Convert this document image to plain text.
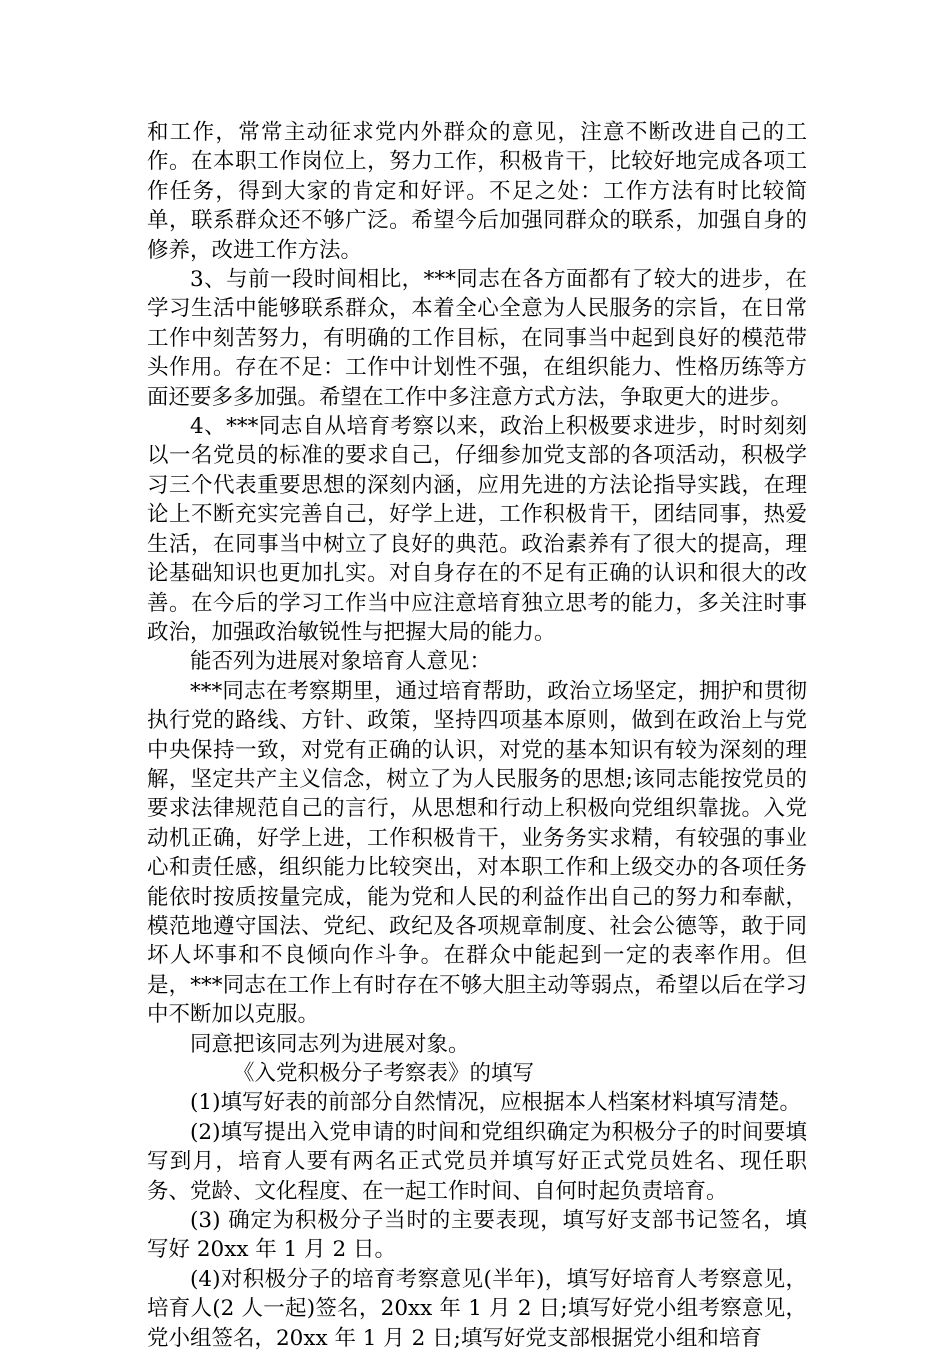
和工作，常常主动征求党内外群众的意见，注意不断改进自己的工作。在本职工作岗位上，努力工作，积极肯干，比较好地完成各项工作任务，得到大家的肯定和好评。不足之处：工作方法有时比较简单，联系群众还不够广泛。希望今后加强同群众的联系，加强自身的修养，改进工作方法。

3、与前一段时间相比，***同志在各方面都有了较大的进步，在学习生活中能够联系群众，本着全心全意为人民服务的宗旨，在日常工作中刻苦努力，有明确的工作目标，在同事当中起到良好的模范带头作用。存在不足：工作中计划性不强，在组织能力、性格历练等方面还要多多加强。希望在工作中多注意方式方法，争取更大的进步。

4、***同志自从培育考察以来，政治上积极要求进步，时时刻刻以一名党员的标准的要求自己，仔细参加党支部的各项活动，积极学习三个代表重要思想的深刻内涵，应用先进的方法论指导实践，在理论上不断充实完善自己，好学上进，工作积极肯干，团结同事，热爱生活，在同事当中树立了良好的典范。政治素养有了很大的提高，理论基础知识也更加扎实。对自身存在的不足有正确的认识和很大的改善。在今后的学习工作当中应注意培育独立思考的能力，多关注时事政治，加强政治敏锐性与把握大局的能力。

能否列为进展对象培育人意见：

***同志在考察期里，通过培育帮助，政治立场坚定，拥护和贯彻执行党的路线、方针、政策，坚持四项基本原则，做到在政治上与党中央保持一致，对党有正确的认识，对党的基本知识有较为深刻的理解，坚定共产主义信念，树立了为人民服务的思想;该同志能按党员的要求法律规范自己的言行，从思想和行动上积极向党组织靠拢。入党动机正确，好学上进，工作积极肯干，业务务实求精，有较强的事业心和责任感，组织能力比较突出，对本职工作和上级交办的各项任务能依时按质按量完成，能为党和人民的利益作出自己的努力和奉献，模范地遵守国法、党纪、政纪及各项规章制度、社会公德等，敢于同坏人坏事和不良倾向作斗争。在群众中能起到一定的表率作用。但是，***同志在工作上有时存在不够大胆主动等弱点，希望以后在学习中不断加以克服。

同意把该同志列为进展对象。

《入党积极分子考察表》的填写

(1)填写好表的前部分自然情况，应根据本人档案材料填写清楚。

(2)填写提出入党申请的时间和党组织确定为积极分子的时间要填写到月，培育人要有两名正式党员并填写好正式党员姓名、现任职务、党龄、文化程度、在一起工作时间、自何时起负责培育。

(3) 确定为积极分子当时的主要表现，填写好支部书记签名，填写好 20xx 年 1 月 2 日。

(4)对积极分子的培育考察意见(半年)，填写好培育人考察意见，培育人(2 人一起)签名，20xx 年 1 月 2 日;填写好党小组考察意见，党小组签名，20xx 年 1 月 2 日;填写好党支部根据党小组和培育
